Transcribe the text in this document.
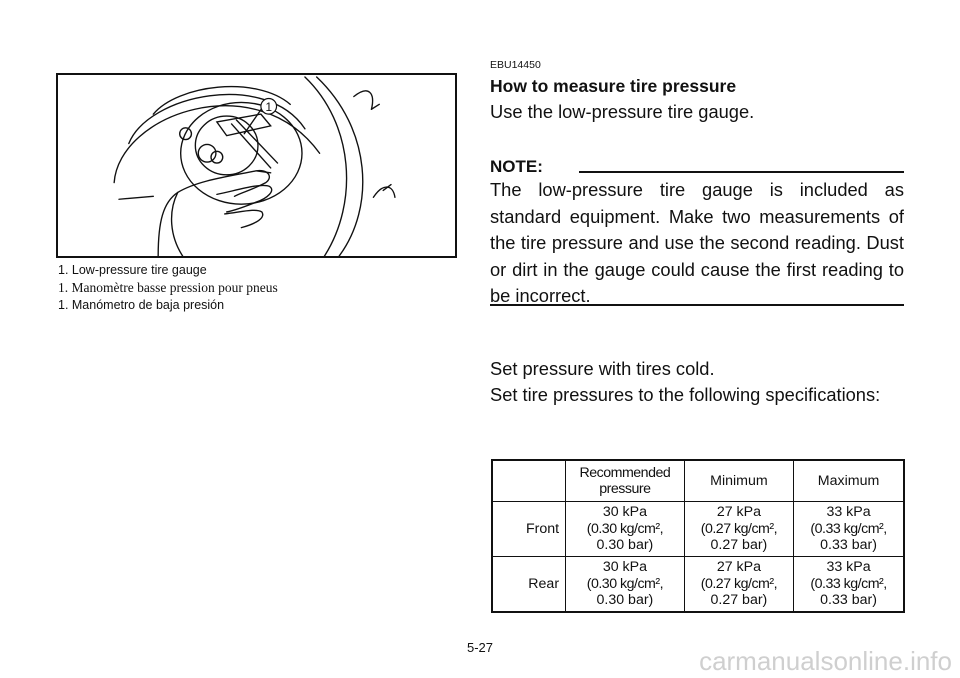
1
1. Low-pressure tire gauge
1. Manomètre basse pression pour pneus
1. Manómetro de baja presión
EBU14450
How to measure tire pressure
Use the low-pressure tire gauge.
NOTE:
The low-pressure tire gauge is included as standard equipment. Make two measurements of the tire pressure and use the second reading. Dust or dirt in the gauge could cause the first reading to be incorrect.
Set pressure with tires cold.
Set tire pressures to the following specifications:
	Recommended pressure	Minimum	Maximum
Front	30 kPa
(0.30 kg/cm²,
0.30 bar)	27 kPa
(0.27 kg/cm²,
0.27 bar)	33 kPa
(0.33 kg/cm²,
0.33 bar)
Rear	30 kPa
(0.30 kg/cm²,
0.30 bar)	27 kPa
(0.27 kg/cm²,
0.27 bar)	33 kPa
(0.33 kg/cm²,
0.33 bar)
5-27	carmanualsonline.info
